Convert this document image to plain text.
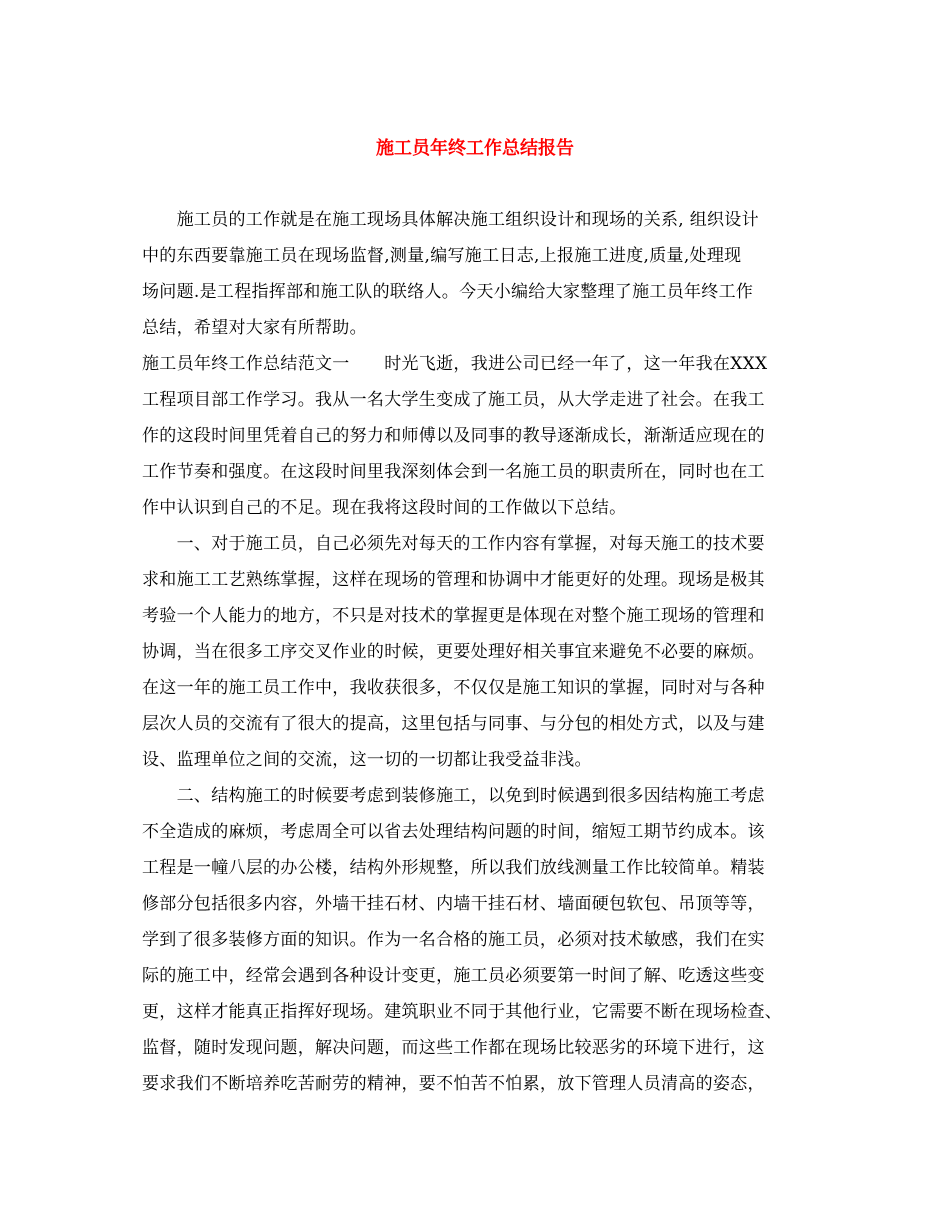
施工员年终工作总结报告
　　施工员的工作就是在施工现场具体解决施工组织设计和现场的关系, 组织设计
中的东西要靠施工员在现场监督,测量,编写施工日志,上报施工进度,质量,处理现
场问题.是工程指挥部和施工队的联络人。今天小编给大家整理了施工员年终工作
总结，希望对大家有所帮助。
施工员年终工作总结范文一　　时光飞逝，我进公司已经一年了，这一年我在XXX
工程项目部工作学习。我从一名大学生变成了施工员，从大学走进了社会。在我工
作的这段时间里凭着自己的努力和师傅以及同事的教导逐渐成长，渐渐适应现在的
工作节奏和强度。在这段时间里我深刻体会到一名施工员的职责所在，同时也在工
作中认识到自己的不足。现在我将这段时间的工作做以下总结。
　　一、对于施工员，自己必须先对每天的工作内容有掌握，对每天施工的技术要
求和施工工艺熟练掌握，这样在现场的管理和协调中才能更好的处理。现场是极其
考验一个人能力的地方，不只是对技术的掌握更是体现在对整个施工现场的管理和
协调，当在很多工序交叉作业的时候，更要处理好相关事宜来避免不必要的麻烦。
在这一年的施工员工作中，我收获很多，不仅仅是施工知识的掌握，同时对与各种
层次人员的交流有了很大的提高，这里包括与同事、与分包的相处方式，以及与建
设、监理单位之间的交流，这一切的一切都让我受益非浅。
　　二、结构施工的时候要考虑到装修施工，以免到时候遇到很多因结构施工考虑
不全造成的麻烦，考虑周全可以省去处理结构问题的时间，缩短工期节约成本。该
工程是一幢八层的办公楼，结构外形规整，所以我们放线测量工作比较简单。精装
修部分包括很多内容，外墙干挂石材、内墙干挂石材、墙面硬包软包、吊顶等等，
学到了很多装修方面的知识。作为一名合格的施工员，必须对技术敏感，我们在实
际的施工中，经常会遇到各种设计变更，施工员必须要第一时间了解、吃透这些变
更，这样才能真正指挥好现场。建筑职业不同于其他行业，它需要不断在现场检查、
监督，随时发现问题，解决问题，而这些工作都在现场比较恶劣的环境下进行，这
要求我们不断培养吃苦耐劳的精神，要不怕苦不怕累，放下管理人员清高的姿态，
